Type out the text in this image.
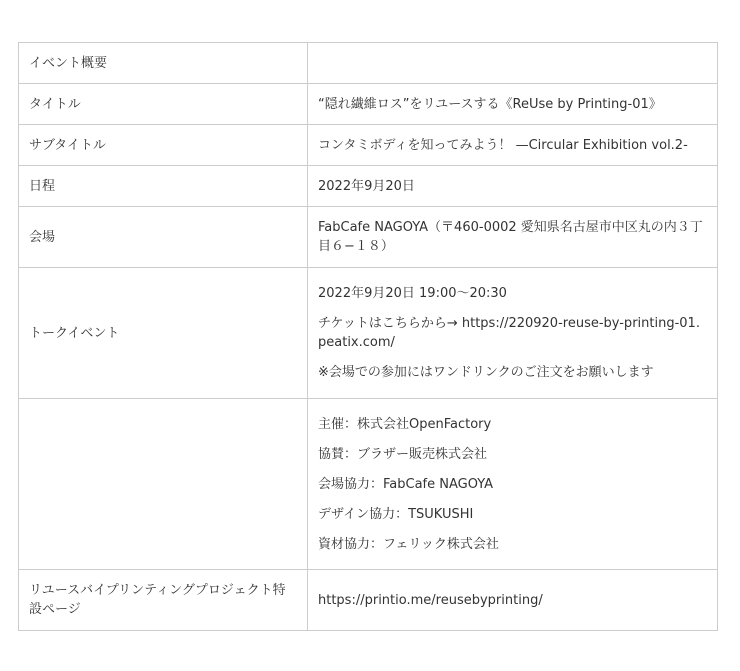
イベント概要	

タイトル	“隠れ繊維ロス”をリユースする《ReUse by Printing-01》

サブタイトル	コンタミボディを知ってみよう！ —Circular Exhibition vol.2-

日程	2022年9月20日

会場	FabCafe NAGOYA（〒460-0002 愛知県名古屋市中区丸の内３丁目６−１８）

トークイベント	2022年9月20日 19:00〜20:30

チケットはこちらから→ https://220920-reuse-by-printing-01.peatix.com/

※会場での参加にはワンドリンクのご注文をお願いします

	主催：株式会社OpenFactory

協賛：ブラザー販売株式会社

会場協力：FabCafe NAGOYA

デザイン協力：TSUKUSHI

資材協力：フェリック株式会社

リユースバイプリンティングプロジェクト特設ページ	https://printio.me/reusebyprinting/
